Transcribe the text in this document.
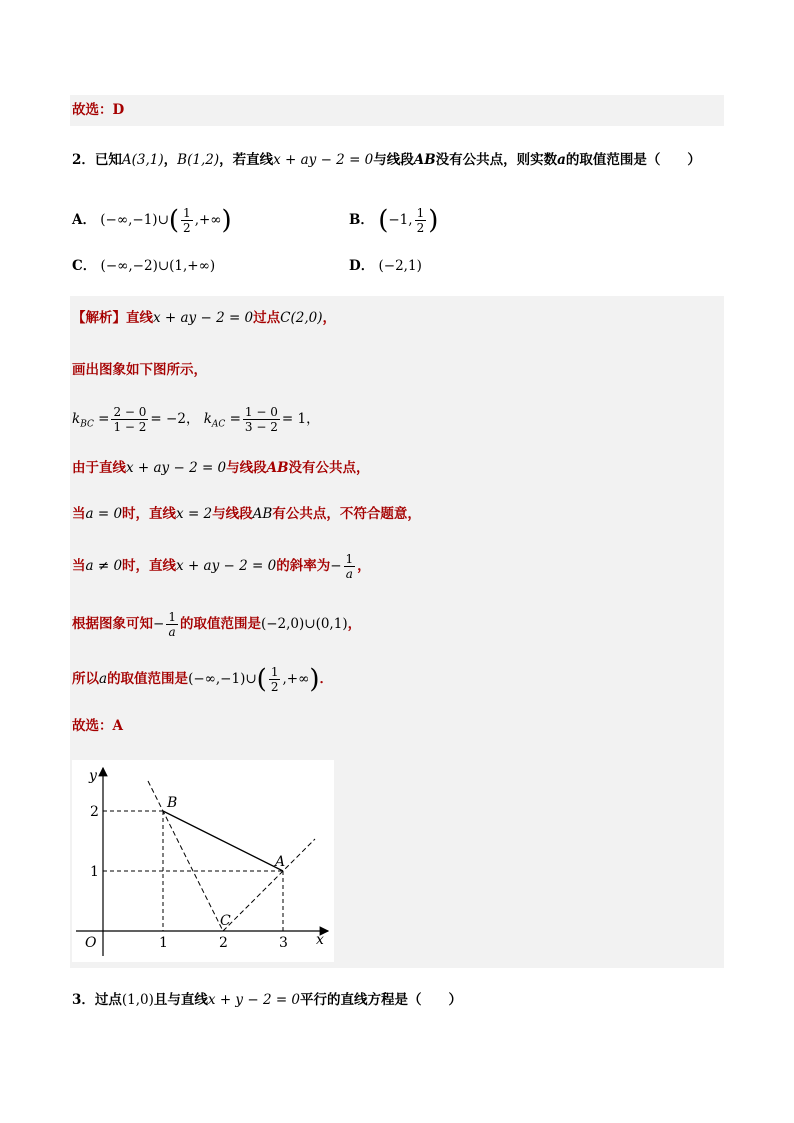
故选：D
2．已知A(3,1)，B(1,2)，若直线x + ay − 2 = 0与线段AB没有公共点，则实数a的取值范围是（　　）
A． (−∞,−1)∪( $\frac{1}{2}$ ,+∞)	B． (−1, $\frac{1}{2}$ )
C． (−∞,−2)∪(1,+∞)	D． (−2,1)
【解析】直线x + ay − 2 = 0过点C(2,0)，
画出图象如下图所示，
$k_{BC} = \frac{2 - 0}{1 - 2} = -2$， $k_{AC} = \frac{1 - 0}{3 - 2} = 1$，
由于直线x + ay − 2 = 0与线段AB没有公共点，
当a = 0时，直线x = 2与线段AB有公共点，不符合题意，
当a ≠ 0时，直线x + ay − 2 = 0的斜率为− $\frac{1}{a}$ ，
根据图象可知− $\frac{1}{a}$ 的取值范围是(−2,0)∪(0,1)，
所以a的取值范围是(−∞,−1)∪( $\frac{1}{2}$ ,+∞)．
故选：A
y
x
O	1	2	3
1
2
B
A
C
3．过点(1,0)且与直线x + y − 2 = 0平行的直线方程是（　　）
